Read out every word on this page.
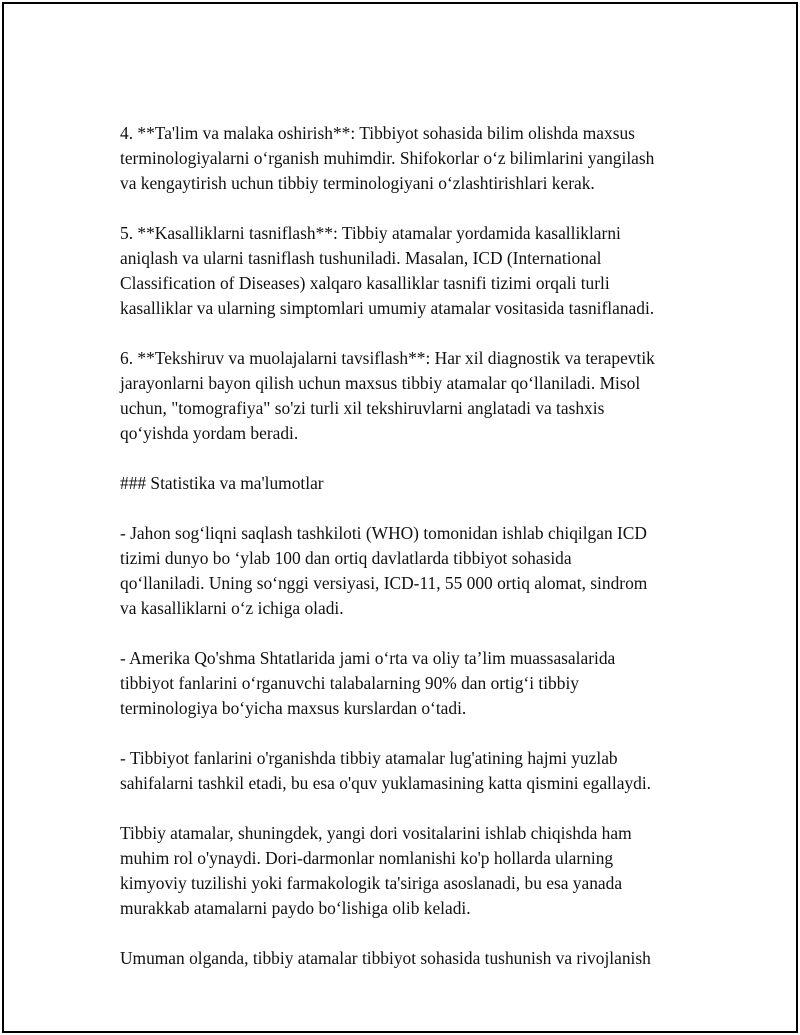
4. **Ta'lim va malaka oshirish**: Tibbiyot sohasida bilim olishda maxsus
terminologiyalarni o‘rganish muhimdir. Shifokorlar o‘z bilimlarini yangilash
va kengaytirish uchun tibbiy terminologiyani o‘zlashtirishlari kerak.

5. **Kasalliklarni tasniflash**: Tibbiy atamalar yordamida kasalliklarni
aniqlash va ularni tasniflash tushuniladi. Masalan, ICD (International
Classification of Diseases) xalqaro kasalliklar tasnifi tizimi orqali turli
kasalliklar va ularning simptomlari umumiy atamalar vositasida tasniflanadi.

6. **Tekshiruv va muolajalarni tavsiflash**: Har xil diagnostik va terapevtik
jarayonlarni bayon qilish uchun maxsus tibbiy atamalar qo‘llaniladi. Misol
uchun, "tomografiya" so'zi turli xil tekshiruvlarni anglatadi va tashxis
qo‘yishda yordam beradi.

### Statistika va ma'lumotlar

- Jahon sog‘liqni saqlash tashkiloti (WHO) tomonidan ishlab chiqilgan ICD
tizimi dunyo bo ‘ylab 100 dan ortiq davlatlarda tibbiyot sohasida
qo‘llaniladi. Uning so‘nggi versiyasi, ICD-11, 55 000 ortiq alomat, sindrom
va kasalliklarni o‘z ichiga oladi.

- Amerika Qo'shma Shtatlarida jami o‘rta va oliy ta’lim muassasalarida
tibbiyot fanlarini o‘rganuvchi talabalarning 90% dan ortig‘i tibbiy
terminologiya bo‘yicha maxsus kurslardan o‘tadi.

- Tibbiyot fanlarini o'rganishda tibbiy atamalar lug'atining hajmi yuzlab
sahifalarni tashkil etadi, bu esa o'quv yuklamasining katta qismini egallaydi.

Tibbiy atamalar, shuningdek, yangi dori vositalarini ishlab chiqishda ham
muhim rol o'ynaydi. Dori-darmonlar nomlanishi ko'p hollarda ularning
kimyoviy tuzilishi yoki farmakologik ta'siriga asoslanadi, bu esa yanada
murakkab atamalarni paydo bo‘lishiga olib keladi.

Umuman olganda, tibbiy atamalar tibbiyot sohasida tushunish va rivojlanish
